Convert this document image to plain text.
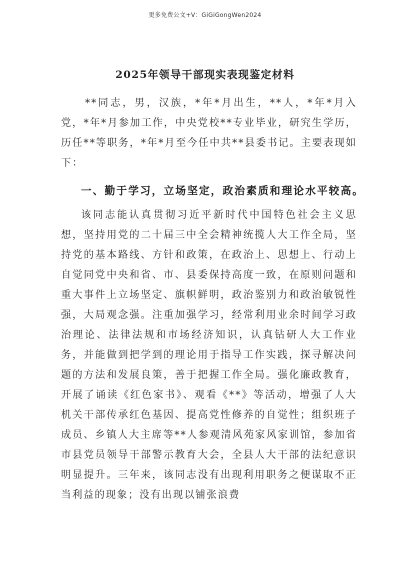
更多免费公文+V：GiGiGongWen2024
2025年领导干部现实表现鉴定材料
**同志，男，汉族，*年*月出生，**人，*年*月入党，*年*月参加工作，中央党校**专业毕业，研究生学历，历任**等职务，*年*月至今任中共**县委书记。主要表现如下：
一、勤于学习，立场坚定，政治素质和理论水平较高。
该同志能认真贯彻习近平新时代中国特色社会主义思想，坚持用党的二十届三中全会精神统揽人大工作全局，坚持党的基本路线、方针和政策，在政治上、思想上、行动上自觉同党中央和省、市、县委保持高度一致，在原则问题和重大事件上立场坚定、旗帜鲜明，政治鉴别力和政治敏锐性强，大局观念强。注重加强学习，经常利用业余时间学习政治理论、法律法规和市场经济知识，认真钻研人大工作业务，并能做到把学到的理论用于指导工作实践，探寻解决问题的方法和发展良策，善于把握工作全局。强化廉政教育，开展了诵读《红色家书》、观看《**》等活动，增强了人大机关干部传承红色基因、提高党性修养的自觉性；组织班子成员、乡镇人大主席等**人参观清风苑家风家训馆，参加省市县党员领导干部警示教育大会，全县人大干部的法纪意识明显提升。三年来，该同志没有出现利用职务之便谋取不正当利益的现象；没有出现以铺张浪费
